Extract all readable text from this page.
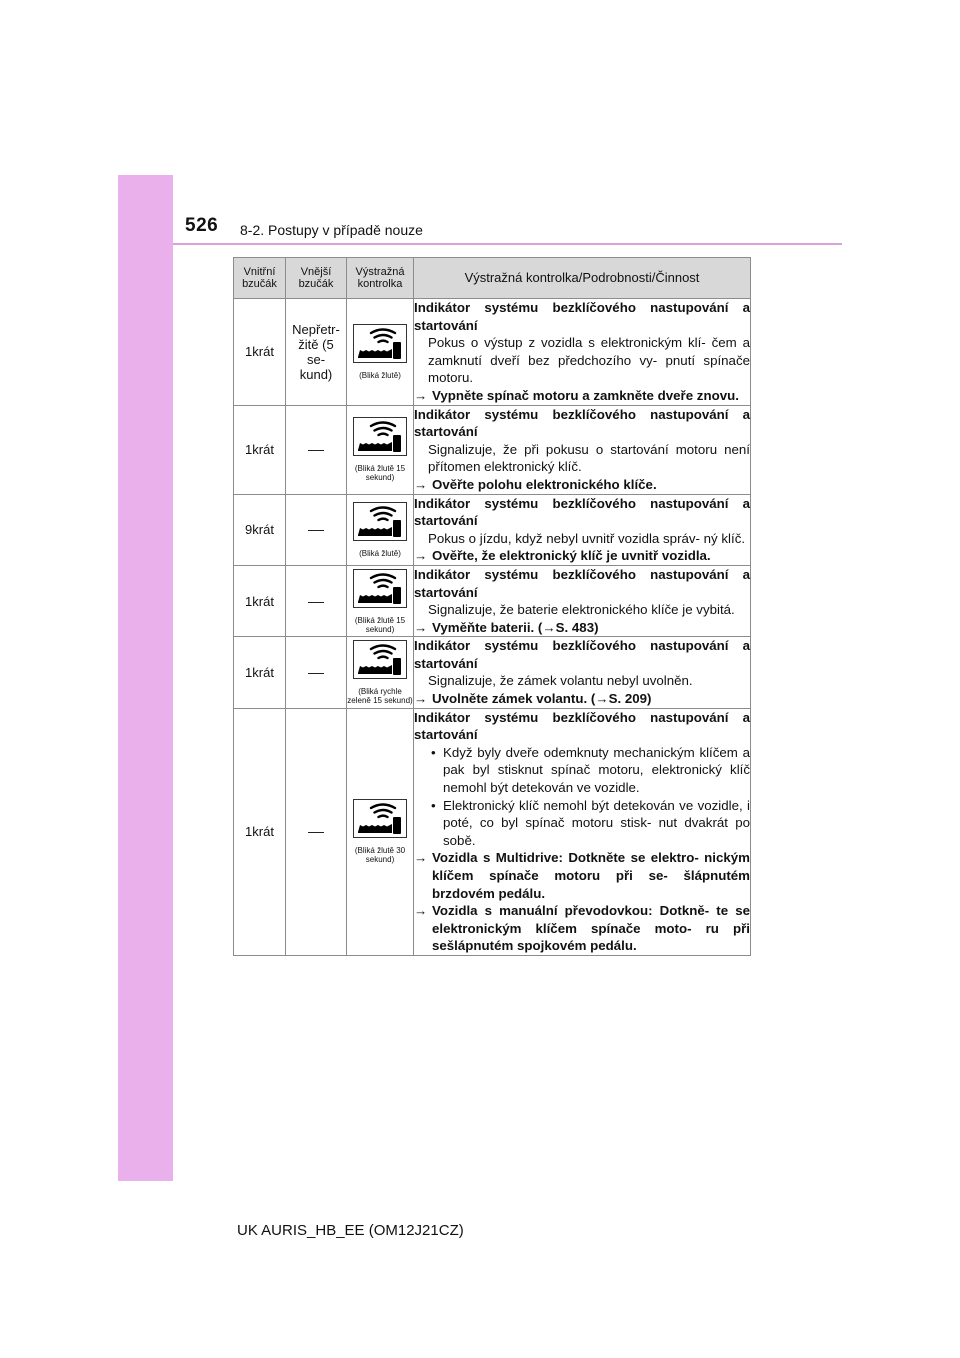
526 8-2. Postupy v případě nouze
Vnitřní bzučák	Vnější bzučák	Výstražná kontrolka	Výstražná kontrolka/Podrobnosti/Činnost
1krát	Nepřetr- žitě (5 se- kund)	(Bliká žlutě)	Indikátor systému bezklíčového nastupování a startování
Pokus o výstup z vozidla s elektronickým klí- čem a zamknutí dveří bez předchozího vy- pnutí spínače motoru.
→ Vypněte spínač motoru a zamkněte dveře znovu.

1krát		(Bliká žlutě 15 sekund)	Indikátor systému bezklíčového nastupování a startování
Signalizuje, že při pokusu o startování motoru není přítomen elektronický klíč.
→ Ověřte polohu elektronického klíče.

9krát		(Bliká žlutě)	Indikátor systému bezklíčového nastupování a startování
Pokus o jízdu, když nebyl uvnitř vozidla správ- ný klíč.
→ Ověřte, že elektronický klíč je uvnitř vozidla.

1krát		(Bliká žlutě 15 sekund)	Indikátor systému bezklíčového nastupování a startování
Signalizuje, že baterie elektronického klíče je vybitá.
→ Vyměňte baterii. (→S. 483)

1krát		(Bliká rychle zeleně 15 sekund)	Indikátor systému bezklíčového nastupování a startování
Signalizuje, že zámek volantu nebyl uvolněn.
→ Uvolněte zámek volantu. (→S. 209)

1krát		(Bliká žlutě 30 sekund)	Indikátor systému bezklíčového nastupování a startování
• Když byly dveře odemknuty mechanickým klíčem a pak byl stisknut spínač motoru, elektronický klíč nemohl být detekován ve vozidle.
• Elektronický klíč nemohl být detekován ve vozidle, i poté, co byl spínač motoru stisk- nut dvakrát po sobě.
→ Vozidla s Multidrive: Dotkněte se elektro- nickým klíčem spínače motoru při se- šlápnutém brzdovém pedálu.
→ Vozidla s manuální převodovkou: Dotkně- te se elektronickým klíčem spínače moto- ru při sešlápnutém spojkovém pedálu.
UK AURIS_HB_EE (OM12J21CZ)
